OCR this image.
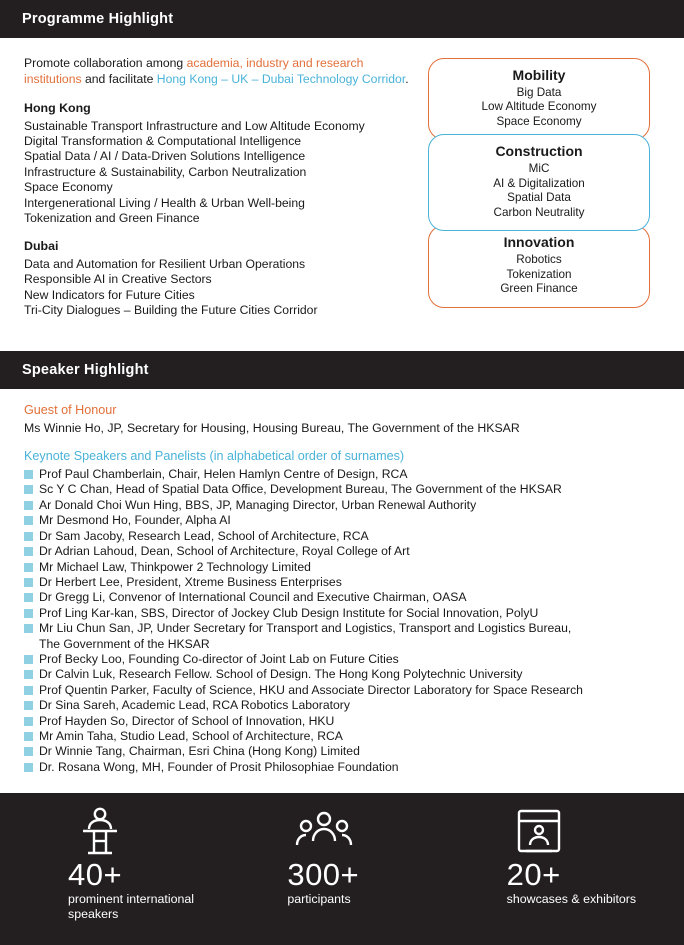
Programme Highlight
Promote collaboration among academia, industry and research institutions and facilitate Hong Kong – UK – Dubai Technology Corridor.
Hong Kong
Sustainable Transport Infrastructure and Low Altitude Economy
Digital Transformation & Computational Intelligence
Spatial Data / AI / Data-Driven Solutions Intelligence
Infrastructure & Sustainability, Carbon Neutralization
Space Economy
Intergenerational Living / Health & Urban Well-being
Tokenization and Green Finance
Dubai
Data and Automation for Resilient Urban Operations
Responsible AI in Creative Sectors
New Indicators for Future Cities
Tri-City Dialogues – Building the Future Cities Corridor
Mobility
Big Data
Low Altitude Economy
Space Economy
Construction
MiC
AI & Digitalization
Spatial Data
Carbon Neutrality
Innovation
Robotics
Tokenization
Green Finance
Speaker Highlight
Guest of Honour
Ms Winnie Ho, JP, Secretary for Housing, Housing Bureau, The Government of the HKSAR
Keynote Speakers and Panelists (in alphabetical order of surnames)
Prof Paul Chamberlain, Chair, Helen Hamlyn Centre of Design, RCA
Sc Y C Chan, Head of Spatial Data Office, Development Bureau, The Government of the HKSAR
Ar Donald Choi Wun Hing, BBS, JP, Managing Director, Urban Renewal Authority
Mr Desmond Ho, Founder, Alpha AI
Dr Sam Jacoby, Research Lead, School of Architecture, RCA
Dr Adrian Lahoud, Dean, School of Architecture, Royal College of Art
Mr Michael Law, Thinkpower 2 Technology Limited
Dr Herbert Lee, President, Xtreme Business Enterprises
Dr Gregg Li, Convenor of International Council and Executive Chairman, OASA
Prof Ling Kar-kan, SBS, Director of Jockey Club Design Institute for Social Innovation, PolyU
Mr Liu Chun San, JP, Under Secretary for Transport and Logistics, Transport and Logistics Bureau,
The Government of the HKSAR
Prof Becky Loo, Founding Co-director of Joint Lab on Future Cities
Dr Calvin Luk, Research Fellow. School of Design. The Hong Kong Polytechnic University
Prof Quentin Parker, Faculty of Science, HKU and Associate Director Laboratory for Space Research
Dr Sina Sareh, Academic Lead, RCA Robotics Laboratory
Prof Hayden So, Director of School of Innovation, HKU
Mr Amin Taha, Studio Lead, School of Architecture, RCA
Dr Winnie Tang, Chairman, Esri China (Hong Kong) Limited
Dr. Rosana Wong, MH, Founder of Prosit Philosophiae Foundation
40+
prominent international speakers
300+
participants
20+
showcases & exhibitors
